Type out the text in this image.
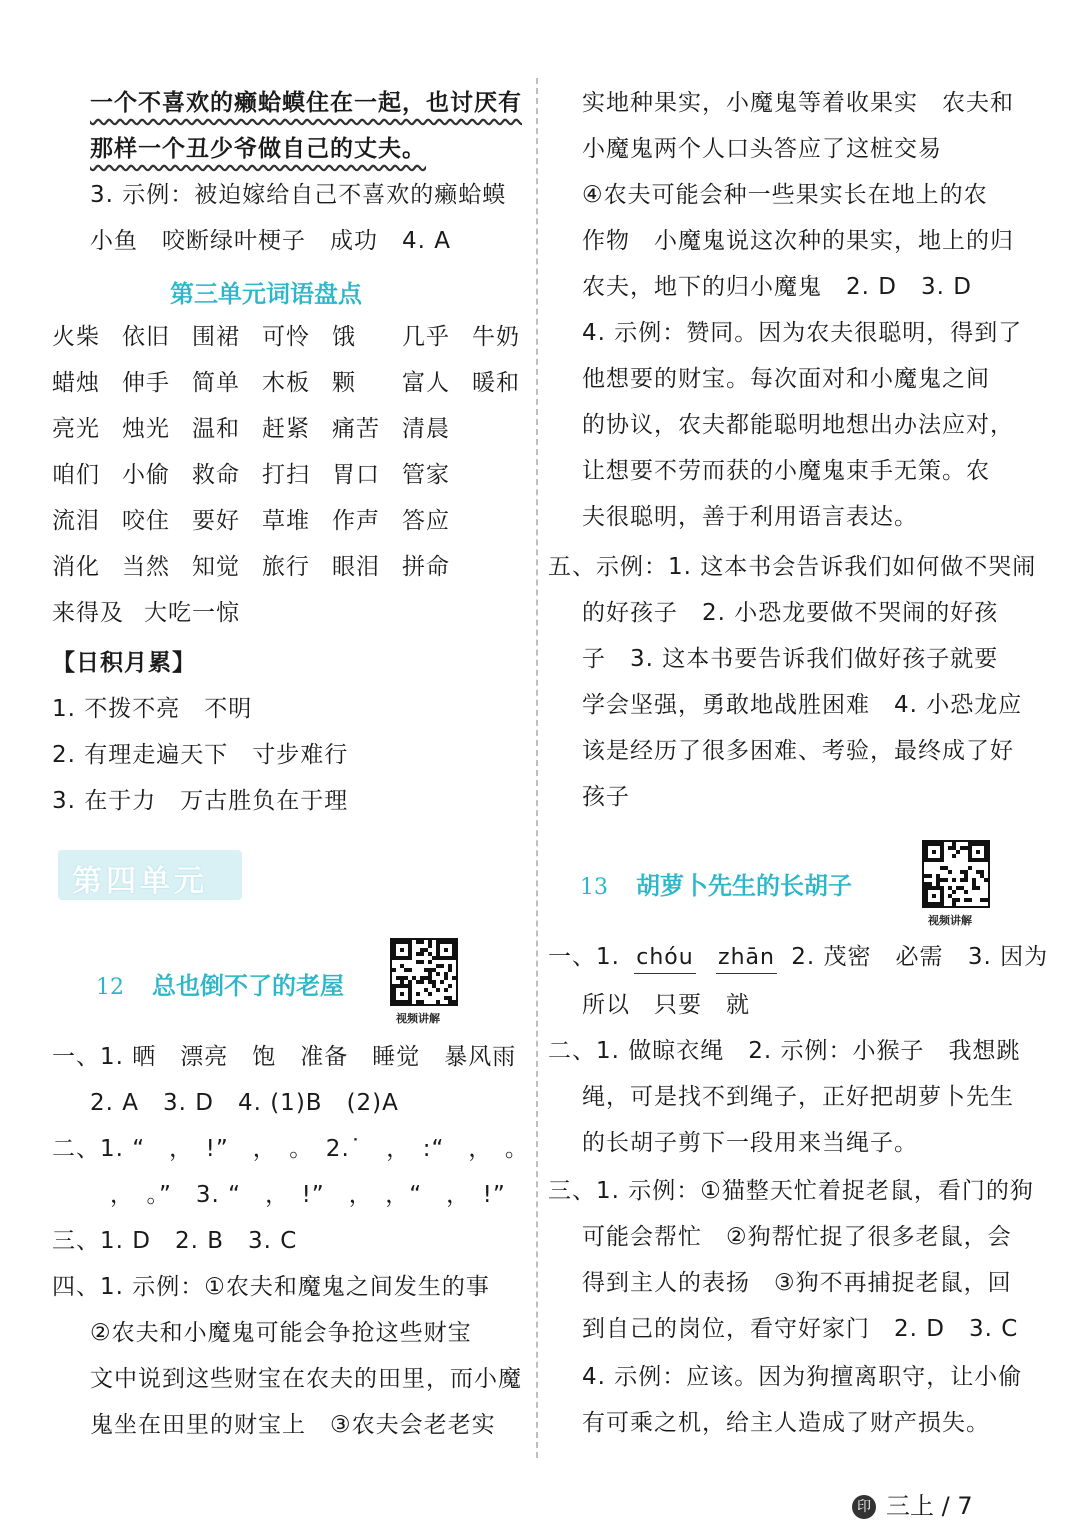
一个不喜欢的癞蛤蟆住在一起，也讨厌有
那样一个丑少爷做自己的丈夫。
3. 示例：被迫嫁给自己不喜欢的癞蛤蟆
小鱼　咬断绿叶梗子　成功　4. A
第三单元词语盘点
火柴 依旧 围裙 可怜 饿 几乎 牛奶
蜡烛 伸手 简单 木板 颗 富人 暖和
亮光 烛光 温和 赶紧 痛苦 清晨
咱们 小偷 救命 打扫 胃口 管家
流泪 咬住 要好 草堆 作声 答应
消化 当然 知觉 旅行 眼泪 拼命
来得及 大吃一惊
【日积月累】
1. 不拨不亮　不明
2. 有理走遍天下　寸步难行
3. 在于力　万古胜负在于理
第四单元
12 总也倒不了的老屋
视频讲解
一、1. 晒　漂亮　饱　准备　睡觉　暴风雨
2. A　3. D　4. (1)B　(2)A
二、1. “　，　!”　，　。　2.˙　，　:“　，　。
，　。”　3. “　，　!”　，　，“　，　!”
三、1. D　2. B　3. C
四、1. 示例：①农夫和魔鬼之间发生的事
②农夫和小魔鬼可能会争抢这些财宝
文中说到这些财宝在农夫的田里，而小魔
鬼坐在田里的财宝上　③农夫会老老实
实地种果实，小魔鬼等着收果实　农夫和
小魔鬼两个人口头答应了这桩交易
④农夫可能会种一些果实长在地上的农
作物　小魔鬼说这次种的果实，地上的归
农夫，地下的归小魔鬼　2. D　3. D
4. 示例：赞同。因为农夫很聪明，得到了
他想要的财宝。每次面对和小魔鬼之间
的协议，农夫都能聪明地想出办法应对，
让想要不劳而获的小魔鬼束手无策。农
夫很聪明，善于利用语言表达。
五、示例：1. 这本书会告诉我们如何做不哭闹
的好孩子　2. 小恐龙要做不哭闹的好孩
子　3. 这本书要告诉我们做好孩子就要
学会坚强，勇敢地战胜困难　4. 小恐龙应
该是经历了很多困难、考验，最终成了好
孩子
13 胡萝卜先生的长胡子
视频讲解
一、1. chóu zhān 2. 茂密　必需 3. 因为
所以　只要　就
二、1. 做晾衣绳　2. 示例：小猴子　我想跳
绳，可是找不到绳子，正好把胡萝卜先生
的长胡子剪下一段用来当绳子。
三、1. 示例：①猫整天忙着捉老鼠，看门的狗
可能会帮忙　②狗帮忙捉了很多老鼠，会
得到主人的表扬　③狗不再捕捉老鼠，回
到自己的岗位，看守好家门　2. D　3. C
4. 示例：应该。因为狗擅离职守，让小偷
有可乘之机，给主人造成了财产损失。
印 三上 / 7
